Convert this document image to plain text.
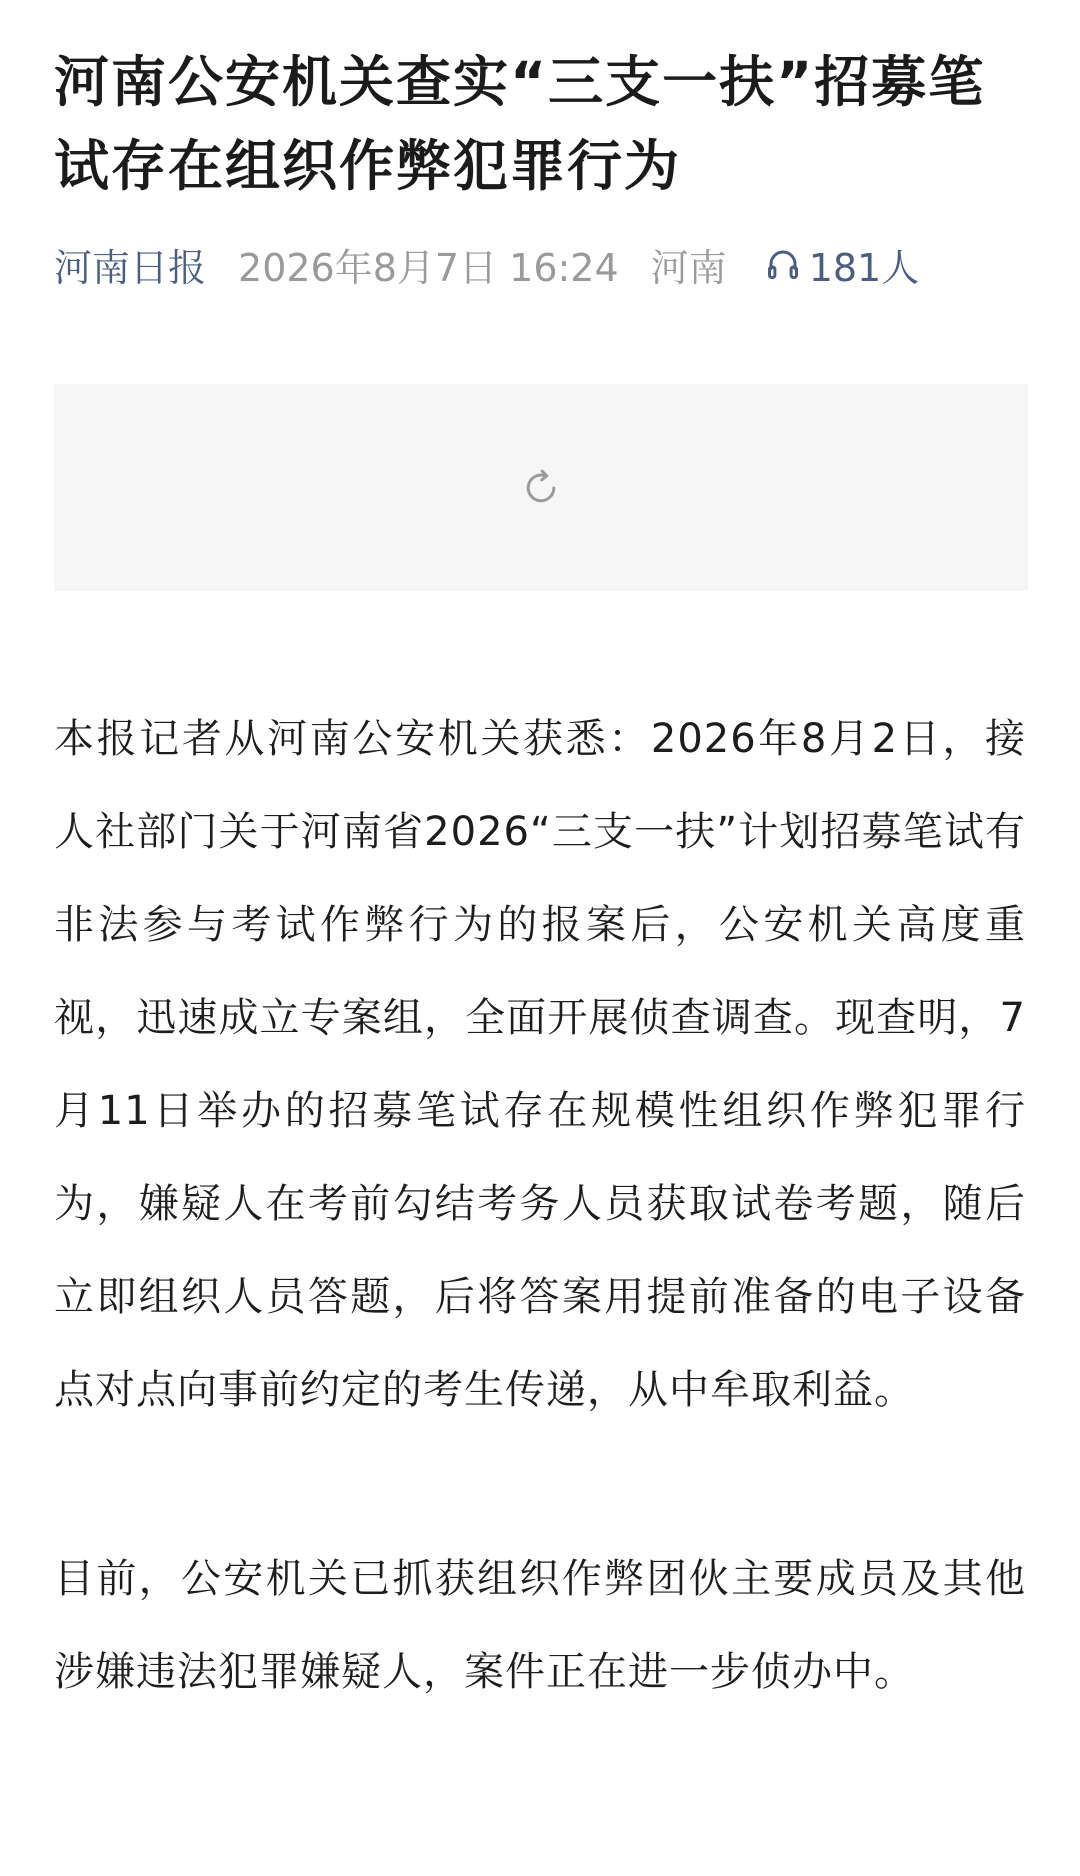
河南公安机关查实“三支一扶”招募笔试存在组织作弊犯罪行为
河南日报 2026年8月7日 16:24 河南 181人

本报记者从河南公安机关获悉：2026年8月2日，接人社部门关于河南省2026“三支一扶”计划招募笔试有非法参与考试作弊行为的报案后，公安机关高度重视，迅速成立专案组，全面开展侦查调查。现查明，7月11日举办的招募笔试存在规模性组织作弊犯罪行为，嫌疑人在考前勾结考务人员获取试卷考题，随后立即组织人员答题，后将答案用提前准备的电子设备点对点向事前约定的考生传递，从中牟取利益。

目前，公安机关已抓获组织作弊团伙主要成员及其他涉嫌违法犯罪嫌疑人，案件正在进一步侦办中。
